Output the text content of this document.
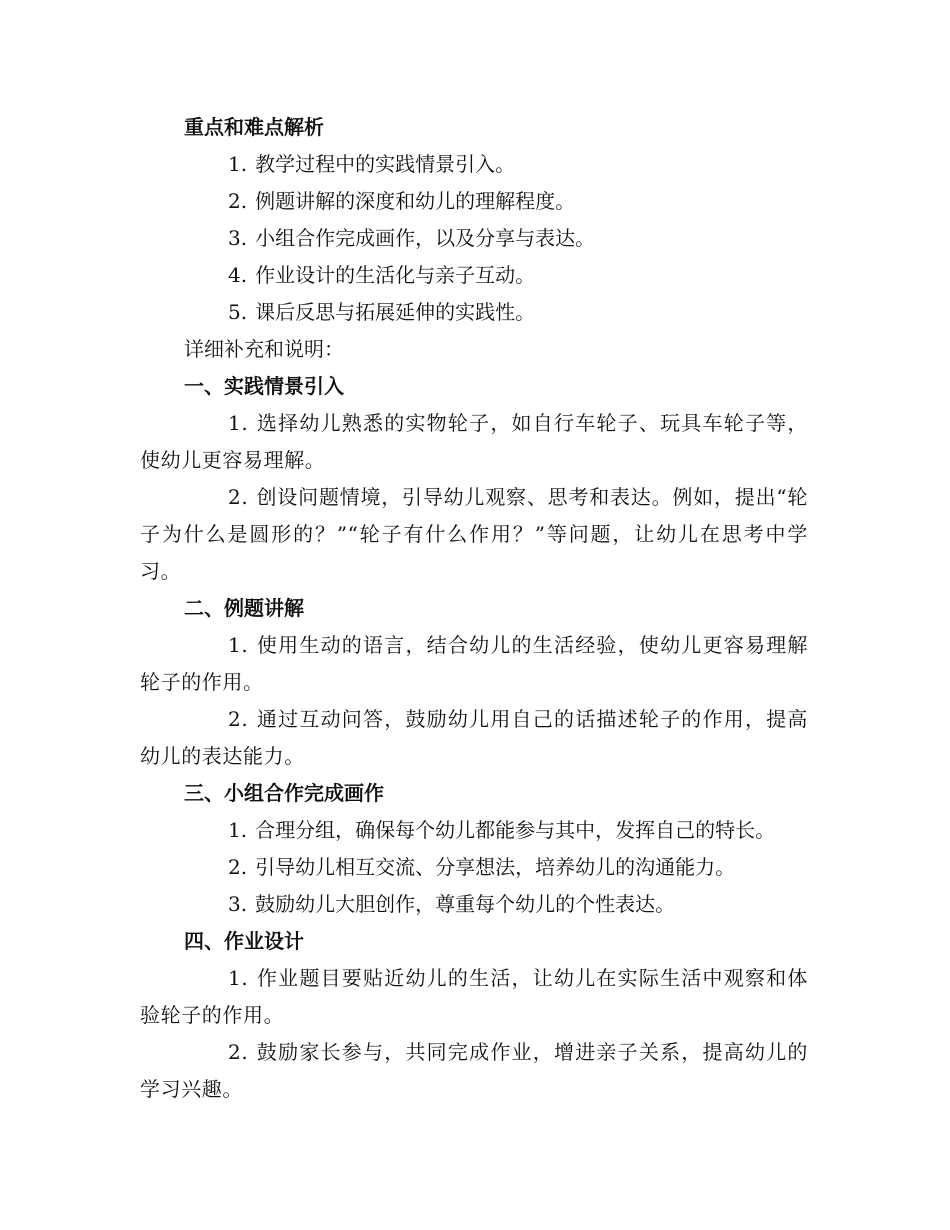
重点和难点解析

1. 教学过程中的实践情景引入。

2. 例题讲解的深度和幼儿的理解程度。

3. 小组合作完成画作，以及分享与表达。

4. 作业设计的生活化与亲子互动。

5. 课后反思与拓展延伸的实践性。

详细补充和说明：

一、实践情景引入

1. 选择幼儿熟悉的实物轮子，如自行车轮子、玩具车轮子等，使幼儿更容易理解。

2. 创设问题情境，引导幼儿观察、思考和表达。例如，提出“轮子为什么是圆形的？”“轮子有什么作用？”等问题，让幼儿在思考中学习。

二、例题讲解

1. 使用生动的语言，结合幼儿的生活经验，使幼儿更容易理解轮子的作用。

2. 通过互动问答，鼓励幼儿用自己的话描述轮子的作用，提高幼儿的表达能力。

三、小组合作完成画作

1. 合理分组，确保每个幼儿都能参与其中，发挥自己的特长。

2. 引导幼儿相互交流、分享想法，培养幼儿的沟通能力。

3. 鼓励幼儿大胆创作，尊重每个幼儿的个性表达。

四、作业设计

1. 作业题目要贴近幼儿的生活，让幼儿在实际生活中观察和体验轮子的作用。

2. 鼓励家长参与，共同完成作业，增进亲子关系，提高幼儿的学习兴趣。
